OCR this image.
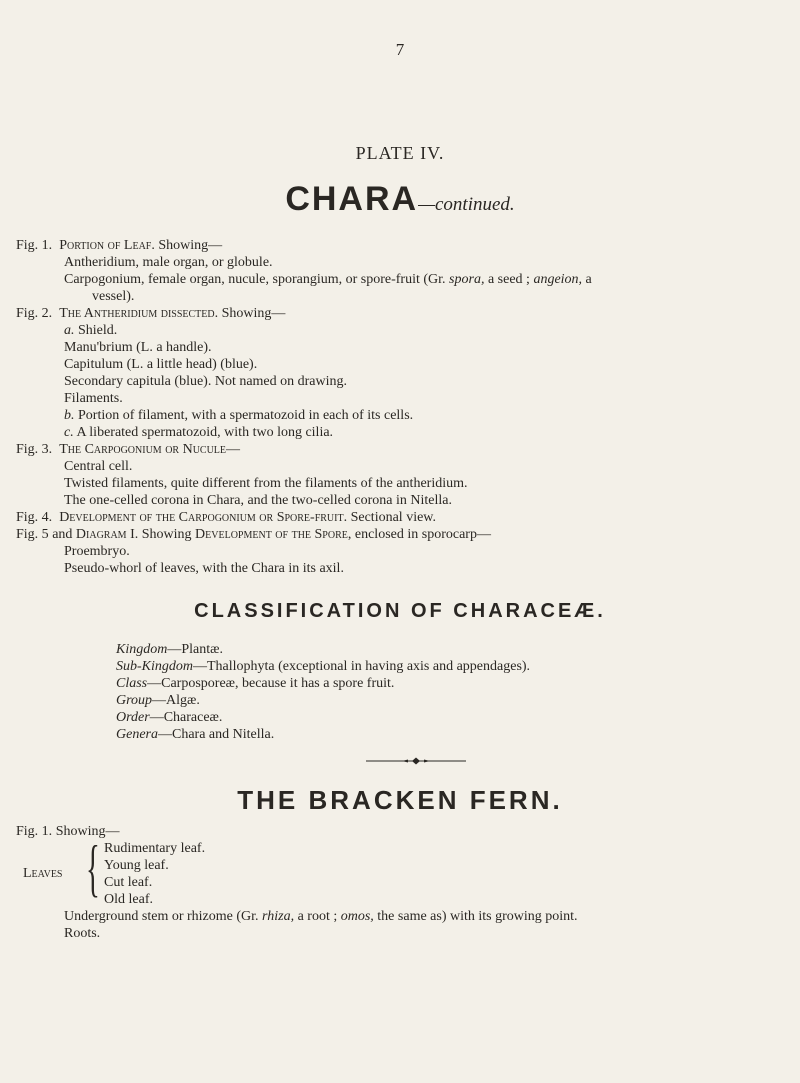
7
PLATE IV.
CHARA—continued.
Fig. 1. Portion of Leaf. Showing—
Antheridium, male organ, or globule.
Carpogonium, female organ, nucule, sporangium, or spore-fruit (Gr. spora, a seed ; angeion, a
vessel).
Fig. 2. The Antheridium dissected. Showing—
a. Shield.
Manu'brium (L. a handle).
Capitulum (L. a little head) (blue).
Secondary capitula (blue). Not named on drawing.
Filaments.
b. Portion of filament, with a spermatozoid in each of its cells.
c. A liberated spermatozoid, with two long cilia.
Fig. 3. The Carpogonium or Nucule—
Central cell.
Twisted filaments, quite different from the filaments of the antheridium.
The one-celled corona in Chara, and the two-celled corona in Nitella.
Fig. 4. Development of the Carpogonium or Spore-fruit. Sectional view.
Fig. 5 and Diagram I. Showing Development of the Spore, enclosed in sporocarp—
Proembryo.
Pseudo-whorl of leaves, with the Chara in its axil.
CLASSIFICATION OF CHARACEÆ.
Kingdom—Plantæ.
Sub-Kingdom—Thallophyta (exceptional in having axis and appendages).
Class—Carposporeæ, because it has a spore fruit.
Group—Algæ.
Order—Characeæ.
Genera—Chara and Nitella.
THE BRACKEN FERN.
Fig. 1. Showing—
Leaves { Rudimentary leaf.
Young leaf.
Cut leaf.
Old leaf.
Underground stem or rhizome (Gr. rhiza, a root ; omos, the same as) with its growing point.
Roots.
